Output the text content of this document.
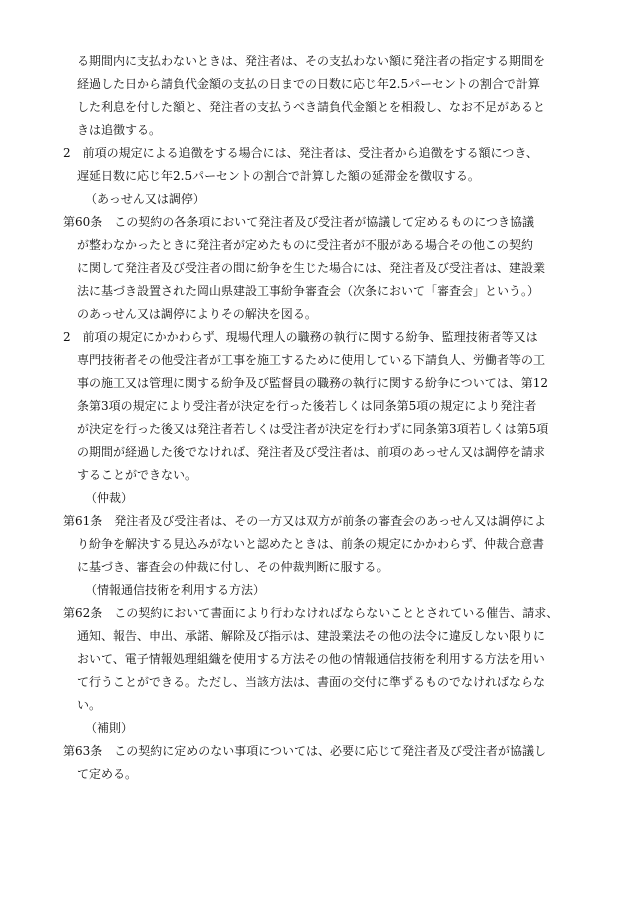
る期間内に支払わないときは、発注者は、その支払わない額に発注者の指定する期間を
経過した日から請負代金額の支払の日までの日数に応じ年2.5パーセントの割合で計算
した利息を付した額と、発注者の支払うべき請負代金額とを相殺し、なお不足があると
きは追徴する。
2　前項の規定による追徴をする場合には、発注者は、受注者から追徴をする額につき、
遅延日数に応じ年2.5パーセントの割合で計算した額の延滞金を徴収する。
（あっせん又は調停）
第60条　この契約の各条項において発注者及び受注者が協議して定めるものにつき協議
が整わなかったときに発注者が定めたものに受注者が不服がある場合その他この契約
に関して発注者及び受注者の間に紛争を生じた場合には、発注者及び受注者は、建設業
法に基づき設置された岡山県建設工事紛争審査会（次条において「審査会」という。）
のあっせん又は調停によりその解決を図る。
2　前項の規定にかかわらず、現場代理人の職務の執行に関する紛争、監理技術者等又は
専門技術者その他受注者が工事を施工するために使用している下請負人、労働者等の工
事の施工又は管理に関する紛争及び監督員の職務の執行に関する紛争については、第12
条第3項の規定により受注者が決定を行った後若しくは同条第5項の規定により発注者
が決定を行った後又は発注者若しくは受注者が決定を行わずに同条第3項若しくは第5項
の期間が経過した後でなければ、発注者及び受注者は、前項のあっせん又は調停を請求
することができない。
（仲裁）
第61条　発注者及び受注者は、その一方又は双方が前条の審査会のあっせん又は調停によ
り紛争を解決する見込みがないと認めたときは、前条の規定にかかわらず、仲裁合意書
に基づき、審査会の仲裁に付し、その仲裁判断に服する。
（情報通信技術を利用する方法）
第62条　この契約において書面により行わなければならないこととされている催告、請求、
通知、報告、申出、承諾、解除及び指示は、建設業法その他の法令に違反しない限りに
おいて、電子情報処理組織を使用する方法その他の情報通信技術を利用する方法を用い
て行うことができる。ただし、当該方法は、書面の交付に準ずるものでなければならな
い。
（補則）
第63条　この契約に定めのない事項については、必要に応じて発注者及び受注者が協議し
て定める。
